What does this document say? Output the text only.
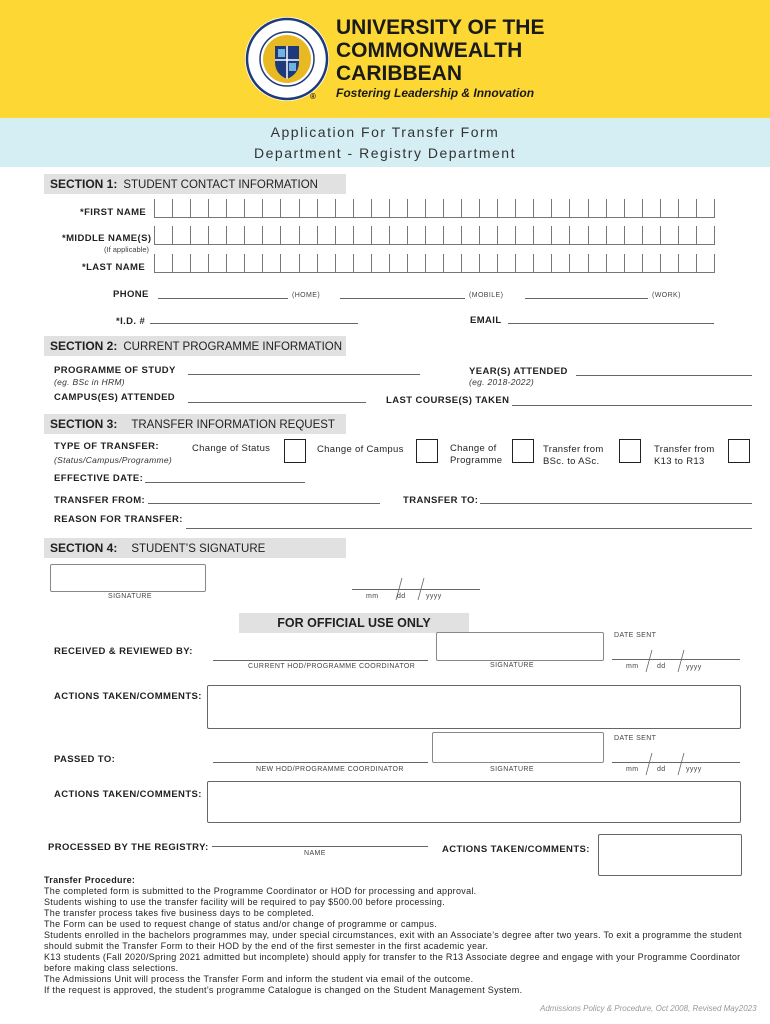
®
UNIVERSITY OF THE
COMMONWEALTH
CARIBBEAN
Fostering Leadership & Innovation
Application For Transfer Form
Department - Registry Department
SECTION 1: STUDENT CONTACT INFORMATION
*FIRST NAME
*MIDDLE NAME(S)
(If applicable)
*LAST NAME
PHONE	(HOME)	(MOBILE)	(WORK)
*I.D. #	EMAIL
SECTION 2: CURRENT PROGRAMME INFORMATION
PROGRAMME OF STUDY
(eg. BSc in HRM)
YEAR(S) ATTENDED
(eg. 2018-2022)
CAMPUS(ES) ATTENDED	LAST COURSE(S) TAKEN
SECTION 3: TRANSFER INFORMATION REQUEST
TYPE OF TRANSFER:
(Status/Campus/Programme)
Change of Status	Change of Campus	Change of
Programme
Transfer from
BSc. to ASc.
Transfer from
K13 to R13
EFFECTIVE DATE:
TRANSFER FROM:	TRANSFER TO:
REASON FOR TRANSFER:
SECTION 4: STUDENT’S SIGNATURE
SIGNATURE	mm	dd	yyyy
FOR OFFICIAL USE ONLY
DATE SENT
RECEIVED & REVIEWED BY:
CURRENT HOD/PROGRAMME COORDINATOR	SIGNATURE	mm	dd	yyyy
ACTIONS TAKEN/COMMENTS:
DATE SENT
PASSED TO:
NEW HOD/PROGRAMME COORDINATOR	SIGNATURE	mm	dd	yyyy
ACTIONS TAKEN/COMMENTS:
PROCESSED BY THE REGISTRY:
NAME	ACTIONS TAKEN/COMMENTS:

Transfer Procedure:

The completed form is submitted to the Programme Coordinator or HOD for processing and approval.

Students wishing to use the transfer facility will be required to pay $500.00 before processing.

The transfer process takes five business days to be completed.

The Form can be used to request change of status and/or change of programme or campus.

Students enrolled in the bachelors programmes may, under special circumstances, exit with an Associate’s degree after two years. To exit a programme the student should submit the Transfer Form to their HOD by the end of the first semester in the first academic year.

K13 students (Fall 2020/Spring 2021 admitted but incomplete) should apply for transfer to the R13 Associate degree and engage with your Programme Coordinator before making class selections.

The Admissions Unit will process the Transfer Form and inform the student via email of the outcome.

If the request is approved, the student’s programme Catalogue is changed on the Student Management System.

Admissions Policy & Procedure, Oct 2008, Revised May2023
